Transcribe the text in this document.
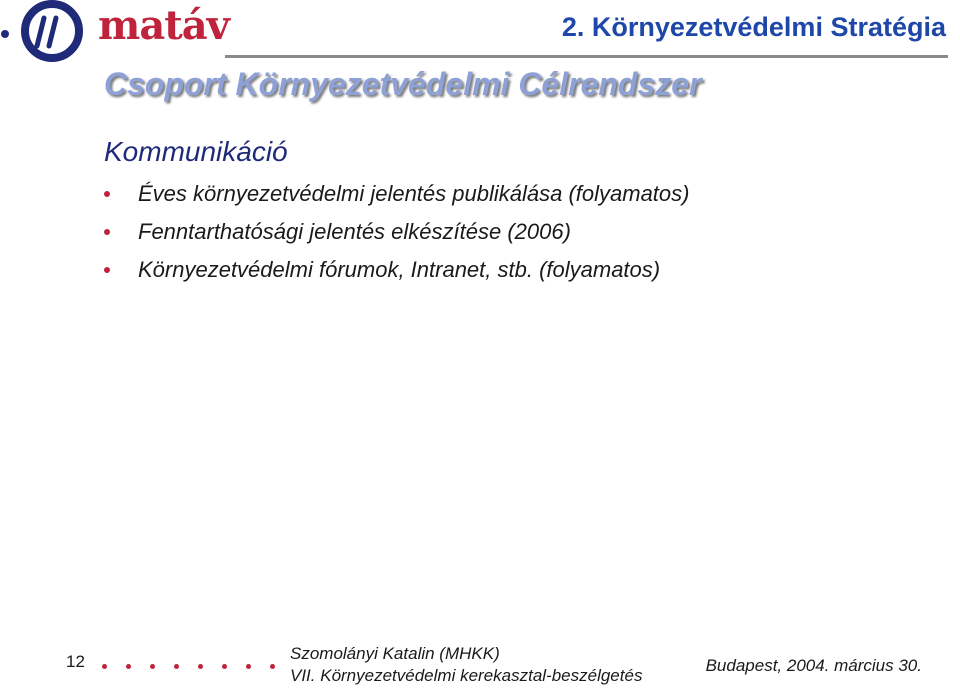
matáv	2. Környezetvédelmi Stratégia
Csoport Környezetvédelmi Célrendszer
Kommunikáció
Éves környezetvédelmi jelentés publikálása (folyamatos)
Fenntarthatósági jelentés elkészítése (2006)
Környezetvédelmi fórumok, Intranet, stb. (folyamatos)
12	Szomolányi Katalin (MHKK)
VII. Környezetvédelmi kerekasztal-beszélgetés
Budapest, 2004. március 30.
